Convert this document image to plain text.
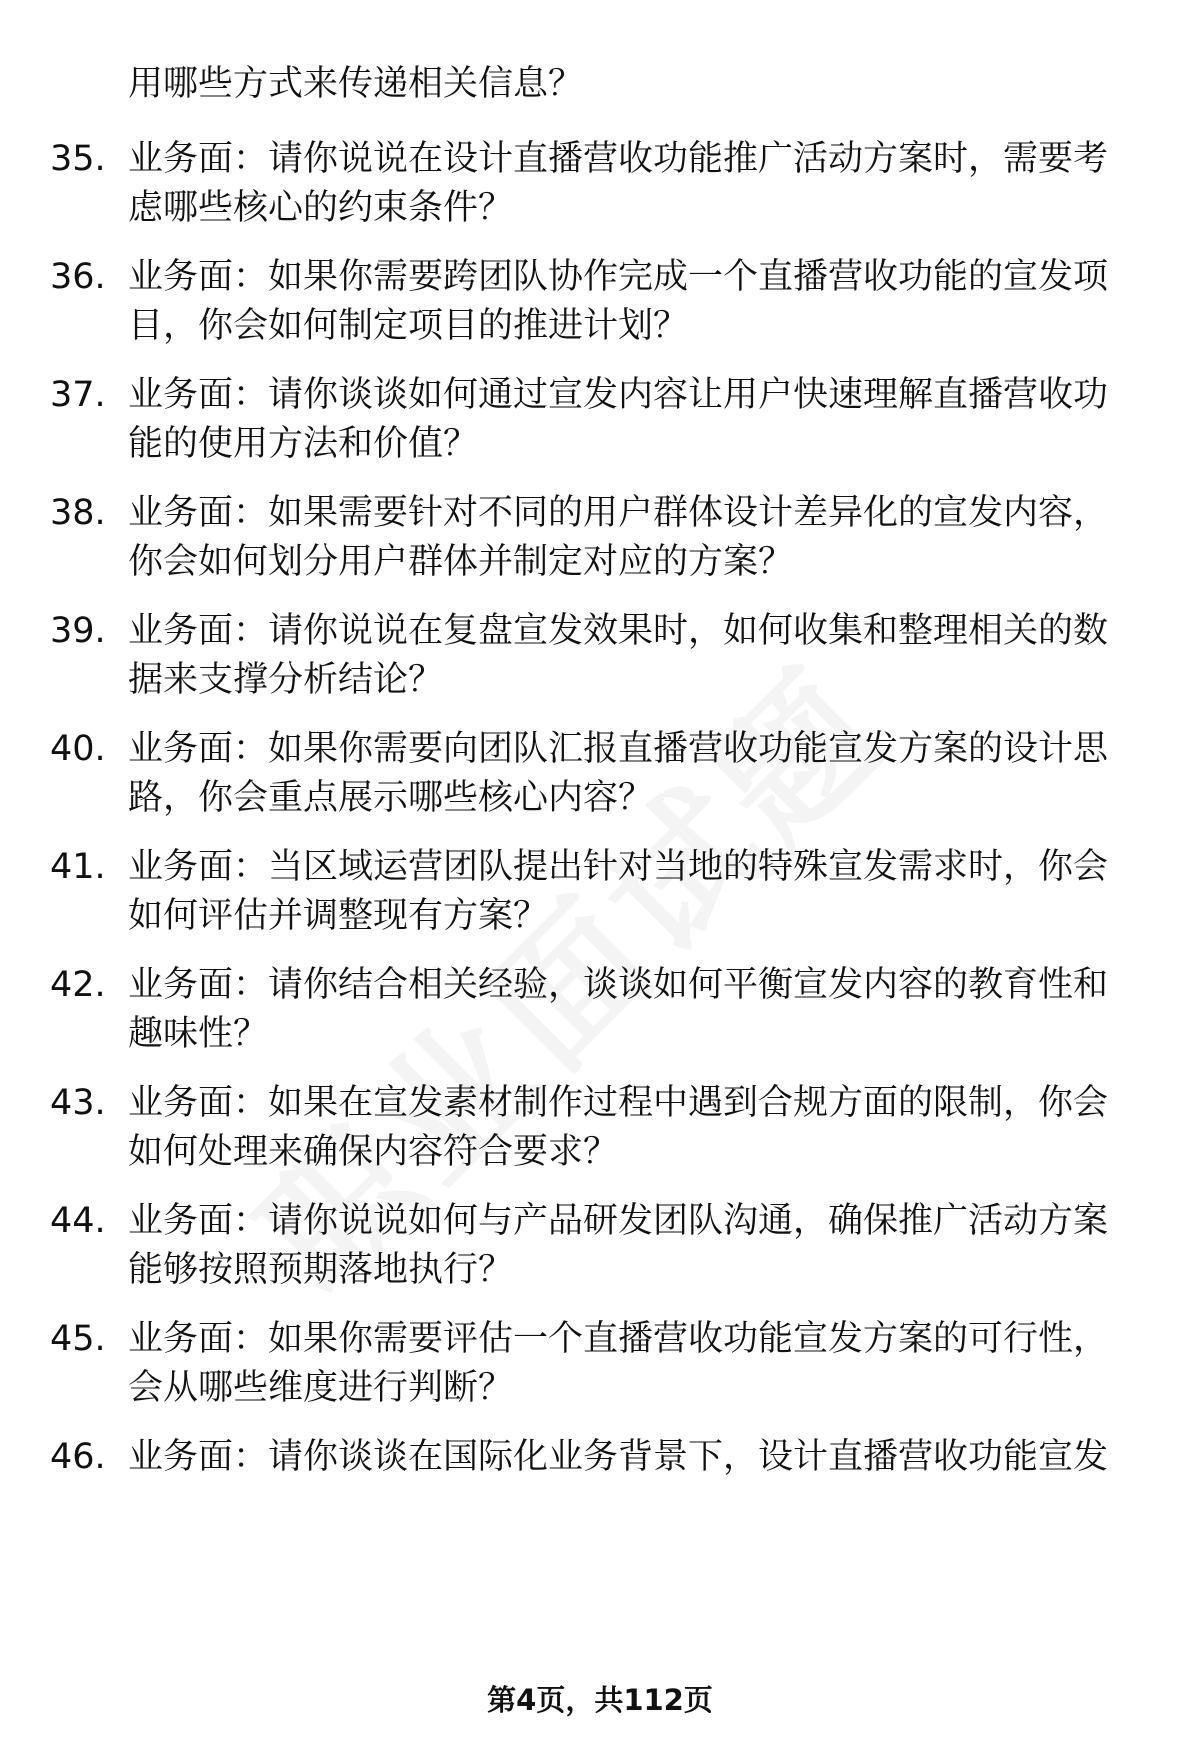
用哪些方式来传递相关信息？

35. 业务面：请你说说在设计直播营收功能推广活动方案时，需要考虑哪些核心的约束条件？

36. 业务面：如果你需要跨团队协作完成一个直播营收功能的宣发项目，你会如何制定项目的推进计划？

37. 业务面：请你谈谈如何通过宣发内容让用户快速理解直播营收功能的使用方法和价值？

38. 业务面：如果需要针对不同的用户群体设计差异化的宣发内容，你会如何划分用户群体并制定对应的方案？

39. 业务面：请你说说在复盘宣发效果时，如何收集和整理相关的数据来支撑分析结论？

40. 业务面：如果你需要向团队汇报直播营收功能宣发方案的设计思路，你会重点展示哪些核心内容？

41. 业务面：当区域运营团队提出针对当地的特殊宣发需求时，你会如何评估并调整现有方案？

42. 业务面：请你结合相关经验，谈谈如何平衡宣发内容的教育性和趣味性？

43. 业务面：如果在宣发素材制作过程中遇到合规方面的限制，你会如何处理来确保内容符合要求？

44. 业务面：请你说说如何与产品研发团队沟通，确保推广活动方案能够按照预期落地执行？

45. 业务面：如果你需要评估一个直播营收功能宣发方案的可行性，会从哪些维度进行判断？

46. 业务面：请你谈谈在国际化业务背景下，设计直播营收功能宣发

第4页，共112页
